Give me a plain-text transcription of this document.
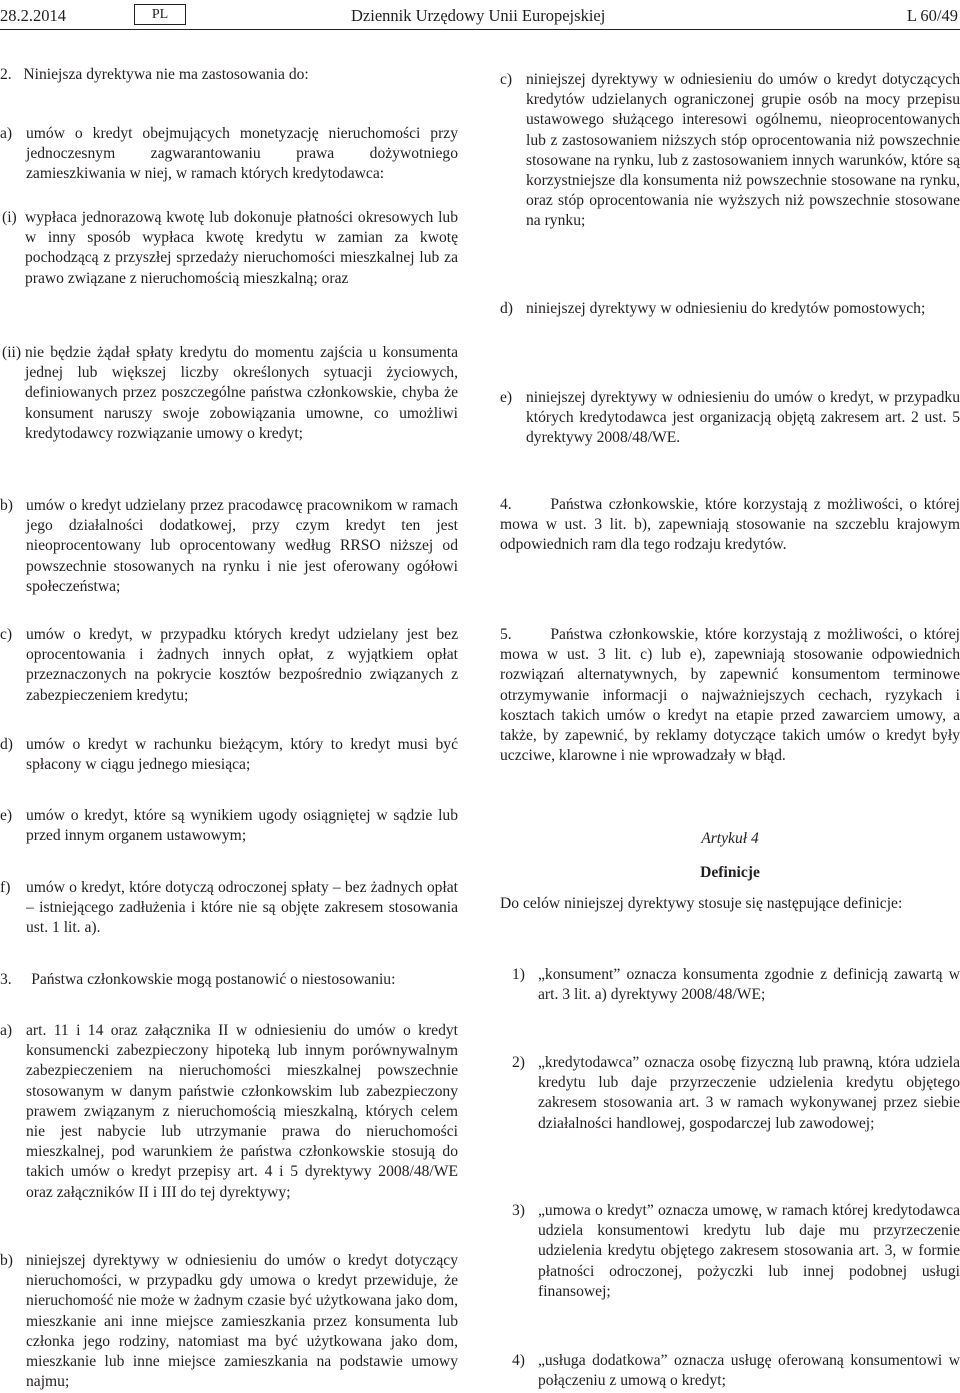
28.2.2014	PL	Dziennik Urzędowy Unii Europejskiej	L 60/49
2. Niniejsza dyrektywa nie ma zastosowania do:
a) umów o kredyt obejmujących monetyzację nieruchomości przy jednoczesnym zagwarantowaniu prawa dożywotniego zamieszkiwania w niej, w ramach których kredytodawca:
(i) wypłaca jednorazową kwotę lub dokonuje płatności okresowych lub w inny sposób wypłaca kwotę kredytu w zamian za kwotę pochodzącą z przyszłej sprzedaży nieruchomości mieszkalnej lub za prawo związane z nieruchomością mieszkalną; oraz
(ii) nie będzie żądał spłaty kredytu do momentu zajścia u konsumenta jednej lub większej liczby określonych sytuacji życiowych, definiowanych przez poszczególne państwa członkowskie, chyba że konsument naruszy swoje zobowiązania umowne, co umożliwi kredytodawcy rozwiązanie umowy o kredyt;
b) umów o kredyt udzielany przez pracodawcę pracownikom w ramach jego działalności dodatkowej, przy czym kredyt ten jest nieoprocentowany lub oprocentowany według RRSO niższej od powszechnie stosowanych na rynku i nie jest oferowany ogółowi społeczeństwa;
c) umów o kredyt, w przypadku których kredyt udzielany jest bez oprocentowania i żadnych innych opłat, z wyjątkiem opłat przeznaczonych na pokrycie kosztów bezpośrednio związanych z zabezpieczeniem kredytu;
d) umów o kredyt w rachunku bieżącym, który to kredyt musi być spłacony w ciągu jednego miesiąca;
e) umów o kredyt, które są wynikiem ugody osiągniętej w sądzie lub przed innym organem ustawowym;
f)	umów o kredyt, które dotyczą odroczonej spłaty – bez żadnych opłat – istniejącego zadłużenia i które nie są objęte zakresem stosowania ust. 1 lit. a).
3. Państwa członkowskie mogą postanowić o niestosowaniu:
a) art. 11 i 14 oraz załącznika II w odniesieniu do umów o kredyt konsumencki zabezpieczony hipoteką lub innym porównywalnym zabezpieczeniem na nieruchomości mieszkalnej powszechnie stosowanym w danym państwie członkowskim lub zabezpieczony prawem związanym z nieruchomością mieszkalną, których celem nie jest nabycie lub utrzymanie prawa do nieruchomości mieszkalnej, pod warunkiem że państwa członkowskie stosują do takich umów o kredyt przepisy art. 4 i 5 dyrektywy 2008/48/WE oraz załączników II i III do tej dyrektywy;
b) niniejszej dyrektywy w odniesieniu do umów o kredyt dotyczący nieruchomości, w przypadku gdy umowa o kredyt przewiduje, że nieruchomość nie może w żadnym czasie być użytkowana jako dom, mieszkanie ani inne miejsce zamieszkania przez konsumenta lub członka jego rodziny, natomiast ma być użytkowana jako dom, mieszkanie lub inne miejsce zamieszkania na podstawie umowy najmu;
c) niniejszej dyrektywy w odniesieniu do umów o kredyt dotyczących kredytów udzielanych ograniczonej grupie osób na mocy przepisu ustawowego służącego interesowi ogólnemu, nieoprocentowanych lub z zastosowaniem niższych stóp oprocentowania niż powszechnie stosowane na rynku, lub z zastosowaniem innych warunków, które są korzystniejsze dla konsumenta niż powszechnie stosowane na rynku, oraz stóp oprocentowania nie wyższych niż powszechnie stosowane na rynku;
d) niniejszej dyrektywy w odniesieniu do kredytów pomostowych;
e) niniejszej dyrektywy w odniesieniu do umów o kredyt, w przypadku których kredytodawca jest organizacją objętą zakresem art. 2 ust. 5 dyrektywy 2008/48/WE.
4. Państwa członkowskie, które korzystają z możliwości, o której mowa w ust. 3 lit. b), zapewniają stosowanie na szczeblu krajowym odpowiednich ram dla tego rodzaju kredytów.
5. Państwa członkowskie, które korzystają z możliwości, o której mowa w ust. 3 lit. c) lub e), zapewniają stosowanie odpowiednich rozwiązań alternatywnych, by zapewnić konsumentom terminowe otrzymywanie informacji o najważniejszych cechach, ryzykach i kosztach takich umów o kredyt na etapie przed zawarciem umowy, a także, by zapewnić, by reklamy dotyczące takich umów o kredyt były uczciwe, klarowne i nie wprowadzały w błąd.
Artykuł 4
Definicje
Do celów niniejszej dyrektywy stosuje się następujące definicje:
1) „konsument” oznacza konsumenta zgodnie z definicją zawartą w art. 3 lit. a) dyrektywy 2008/48/WE;
2) „kredytodawca” oznacza osobę fizyczną lub prawną, która udziela kredytu lub daje przyrzeczenie udzielenia kredytu objętego zakresem stosowania art. 3 w ramach wykonywanej przez siebie działalności handlowej, gospodarczej lub zawodowej;
3) „umowa o kredyt” oznacza umowę, w ramach której kredytodawca udziela konsumentowi kredytu lub daje mu przyrzeczenie udzielenia kredytu objętego zakresem stosowania art. 3, w formie płatności odroczonej, pożyczki lub innej podobnej usługi finansowej;
4) „usługa dodatkowa” oznacza usługę oferowaną konsumentowi w połączeniu z umową o kredyt;
